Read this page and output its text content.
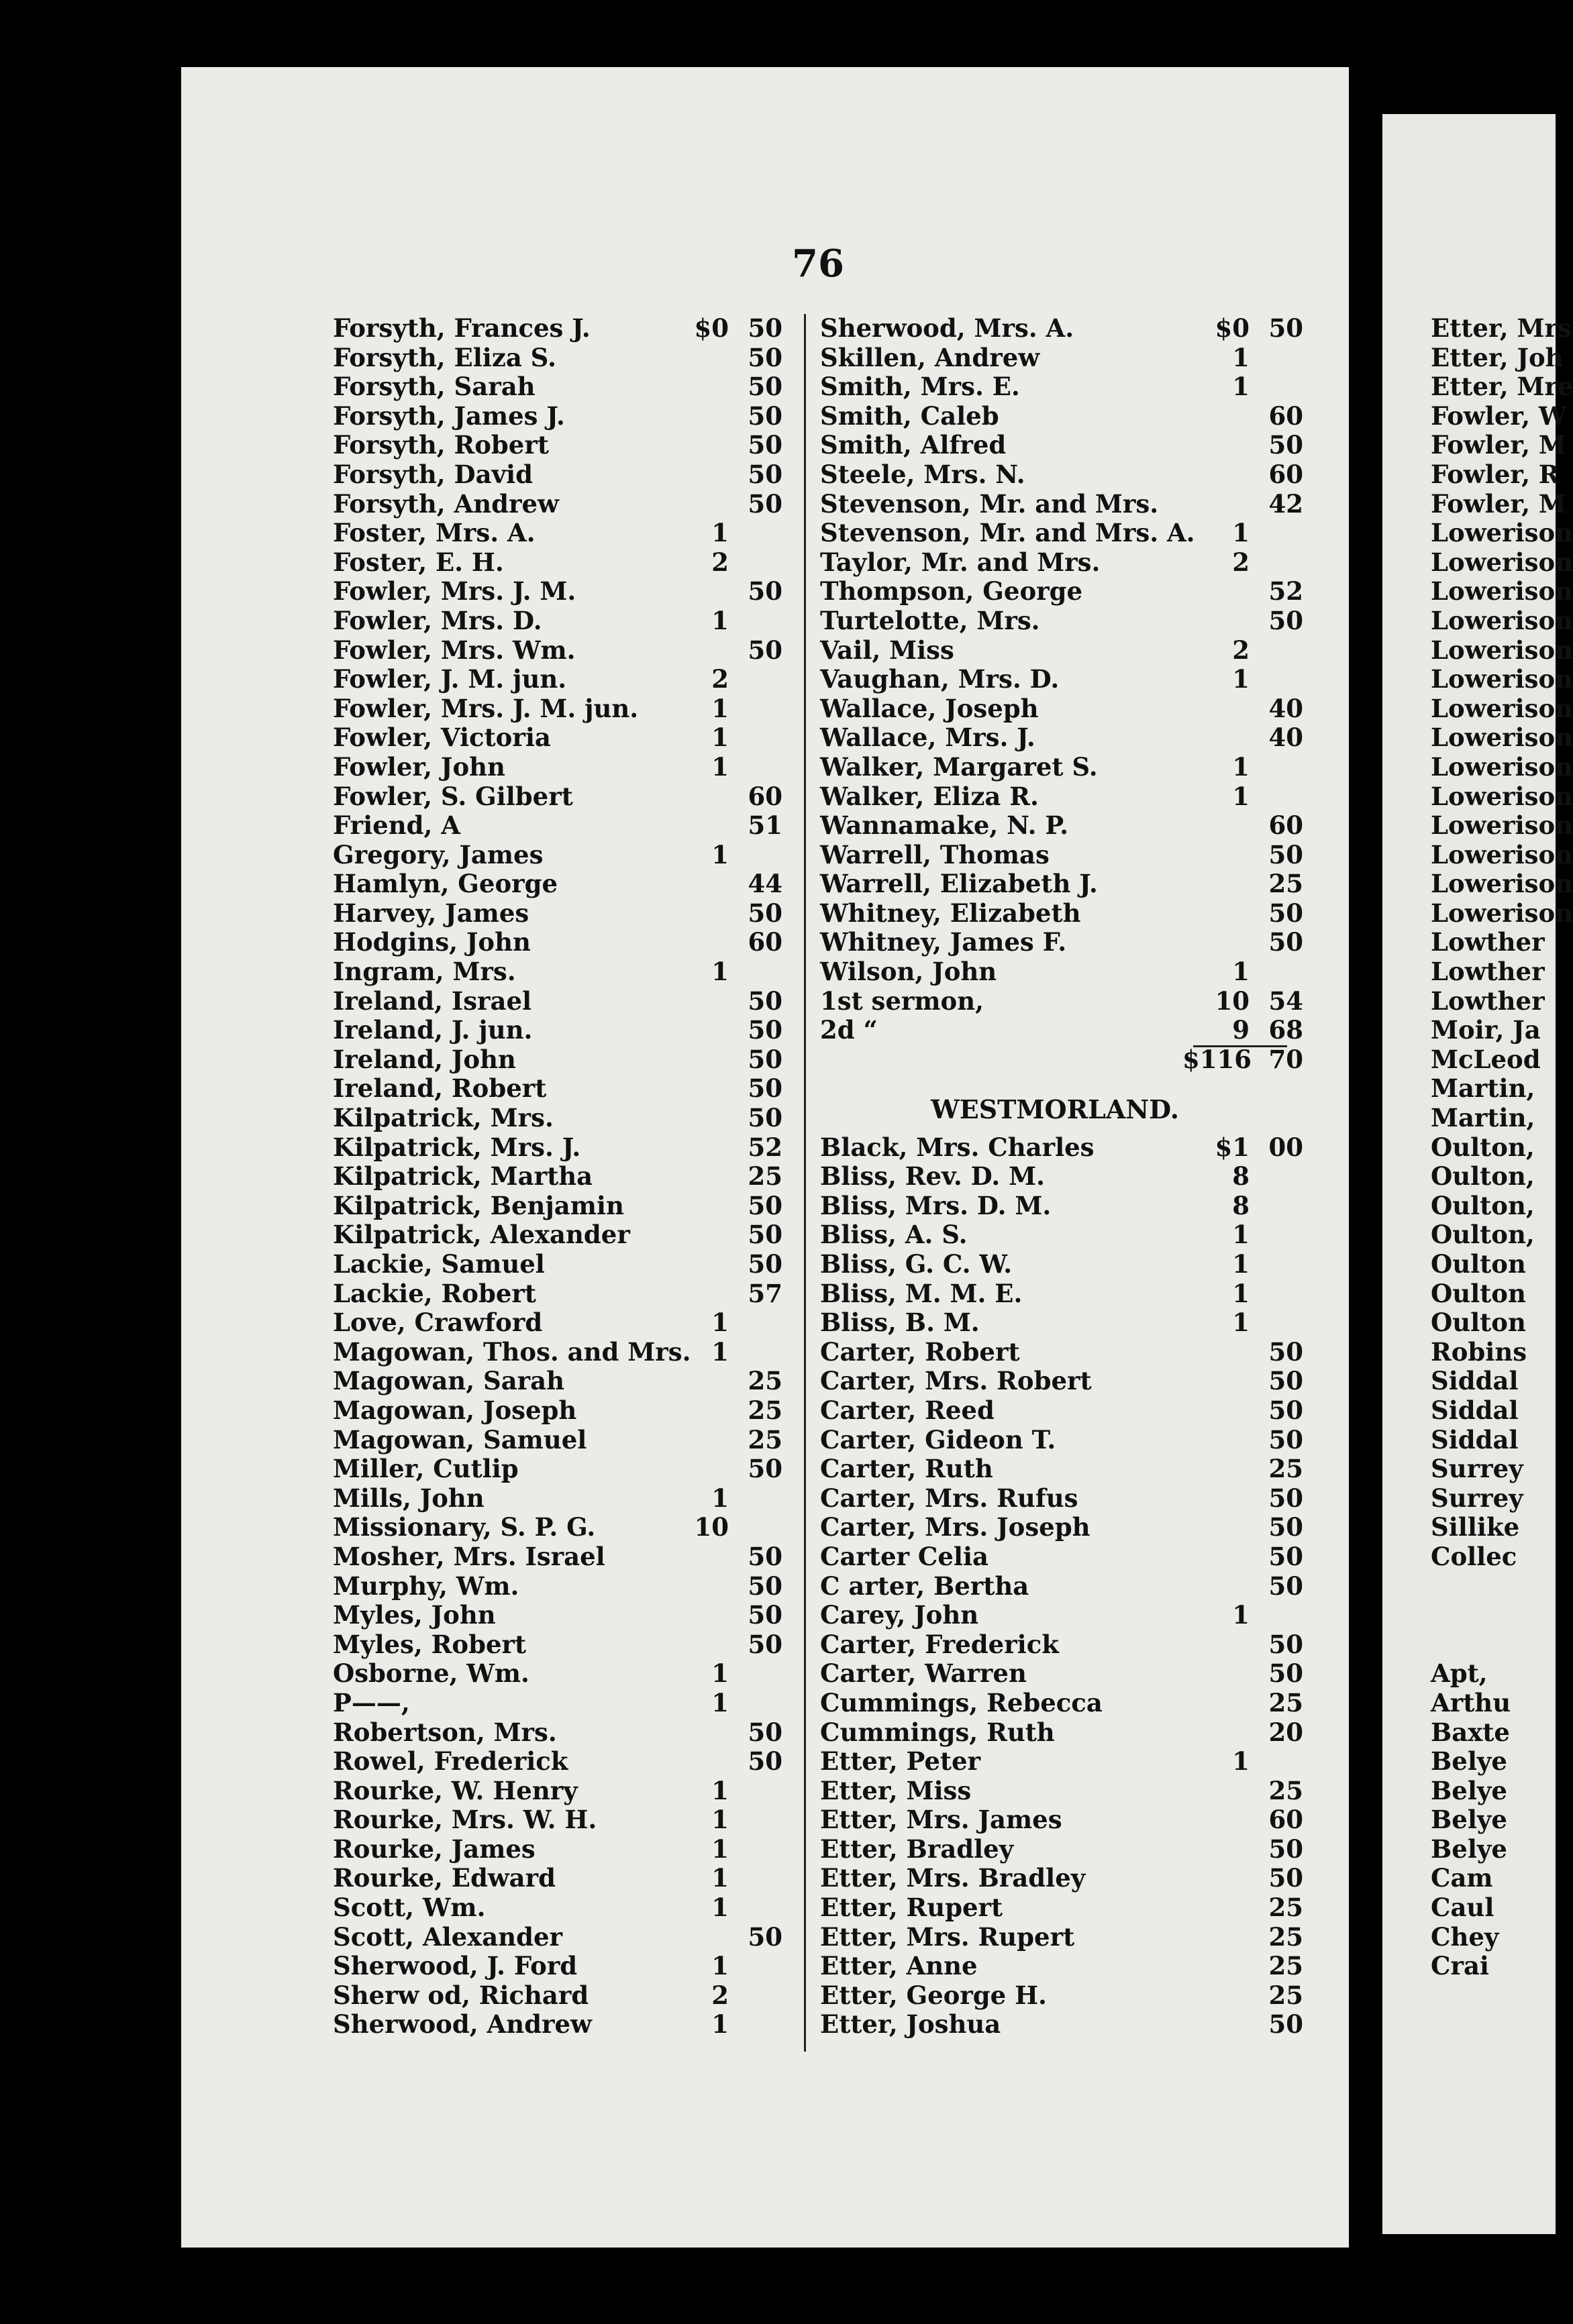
76
Forsyth, Frances J.	$0 50
Forsyth, Eliza S.	50
Forsyth, Sarah	50
Forsyth, James J.	50
Forsyth, Robert	50
Forsyth, David	50
Forsyth, Andrew	50
Foster, Mrs. A.	1
Foster, E. H.	2
Fowler, Mrs. J. M.	50
Fowler, Mrs. D.	1
Fowler, Mrs. Wm.	50
Fowler, J. M. jun.	2
Fowler, Mrs. J. M. jun.	1
Fowler, Victoria	1
Fowler, John	1
Fowler, S. Gilbert	60
Friend, A	51
Gregory, James	1
Hamlyn, George	44
Harvey, James	50
Hodgins, John	60
Ingram, Mrs.	1
Ireland, Israel	50
Ireland, J. jun.	50
Ireland, John	50
Ireland, Robert	50
Kilpatrick, Mrs.	50
Kilpatrick, Mrs. J.	52
Kilpatrick, Martha	25
Kilpatrick, Benjamin	50
Kilpatrick, Alexander	50
Lackie, Samuel	50
Lackie, Robert	57
Love, Crawford	1
Magowan, Thos. and Mrs. 1
Magowan, Sarah	25
Magowan, Joseph	25
Magowan, Samuel	25
Miller, Cutlip	50
Mills, John	1
Missionary, S. P. G.	10
Mosher, Mrs. Israel	50
Murphy, Wm.	50
Myles, John	50
Myles, Robert	50
Osborne, Wm.	1
P——,	1
Robertson, Mrs.	50
Rowel, Frederick	50
Rourke, W. Henry	1
Rourke, Mrs. W. H.	1
Rourke, James	1
Rourke, Edward	1
Scott, Wm.	1
Scott, Alexander	50
Sherwood, J. Ford	1
Sherw od, Richard	2
Sherwood, Andrew	1
Sherwood, Mrs. A.	$0 50
Skillen, Andrew	1
Smith, Mrs. E.	1
Smith, Caleb	60
Smith, Alfred	50
Steele, Mrs. N.	60
Stevenson, Mr. and Mrs.	42
Stevenson, Mr. and Mrs. A.	1
Taylor, Mr. and Mrs.	2
Thompson, George	52
Turtelotte, Mrs.	50
Vail, Miss	2
Vaughan, Mrs. D.	1
Wallace, Joseph	40
Wallace, Mrs. J.	40
Walker, Margaret S.	1
Walker, Eliza R.	1
Wannamake, N. P.	60
Warrell, Thomas	50
Warrell, Elizabeth J.	25
Whitney, Elizabeth	50
Whitney, James F.	50
Wilson, John	1
1st sermon,	10 54
2d “	9 68
$116 70
Black, Mrs. Charles	$1 00
Bliss, Rev. D. M.	8
Bliss, Mrs. D. M.	8
Bliss, A. S.	1
Bliss, G. C. W.	1
Bliss, M. M. E.	1
Bliss, B. M.	1
Carter, Robert	50
Carter, Mrs. Robert	50
Carter, Reed	50
Carter, Gideon T.	50
Carter, Ruth	25
Carter, Mrs. Rufus	50
Carter, Mrs. Joseph	50
Carter Celia	50
C arter, Bertha	50
Carey, John	1
Carter, Frederick	50
Carter, Warren	50
Cummings, Rebecca	25
Cummings, Ruth	20
Etter, Peter	1
Etter, Miss	25
Etter, Mrs. James	60
Etter, Bradley	50
Etter, Mrs. Bradley	50
Etter, Rupert	25
Etter, Mrs. Rupert	25
Etter, Anne	25
Etter, George H.	25
Etter, Joshua	50
WESTMORLAND.
Etter, Mrs
Etter, Joh
Etter, Mre
Fowler, W
Fowler, M
Fowler, R
Fowler, M
Lowerison
Lowerison
Lowerison
Lowerison
Lowerison
Lowerison
Lowerison
Lowerison
Lowerison
Lowerison
Lowerison
Lowerison
Lowerison
Lowerison
Lowther
Lowther
Lowther
Moir, Ja
McLeod
Martin,
Martin,
Oulton,
Oulton,
Oulton,
Oulton,
Oulton
Oulton
Oulton
Robins
Siddal
Siddal
Siddal
Surrey
Surrey
Sillike
Collec
Apt,
Arthu
Baxte
Belye
Belye
Belye
Belye
Cam
Caul
Chey
Crai
